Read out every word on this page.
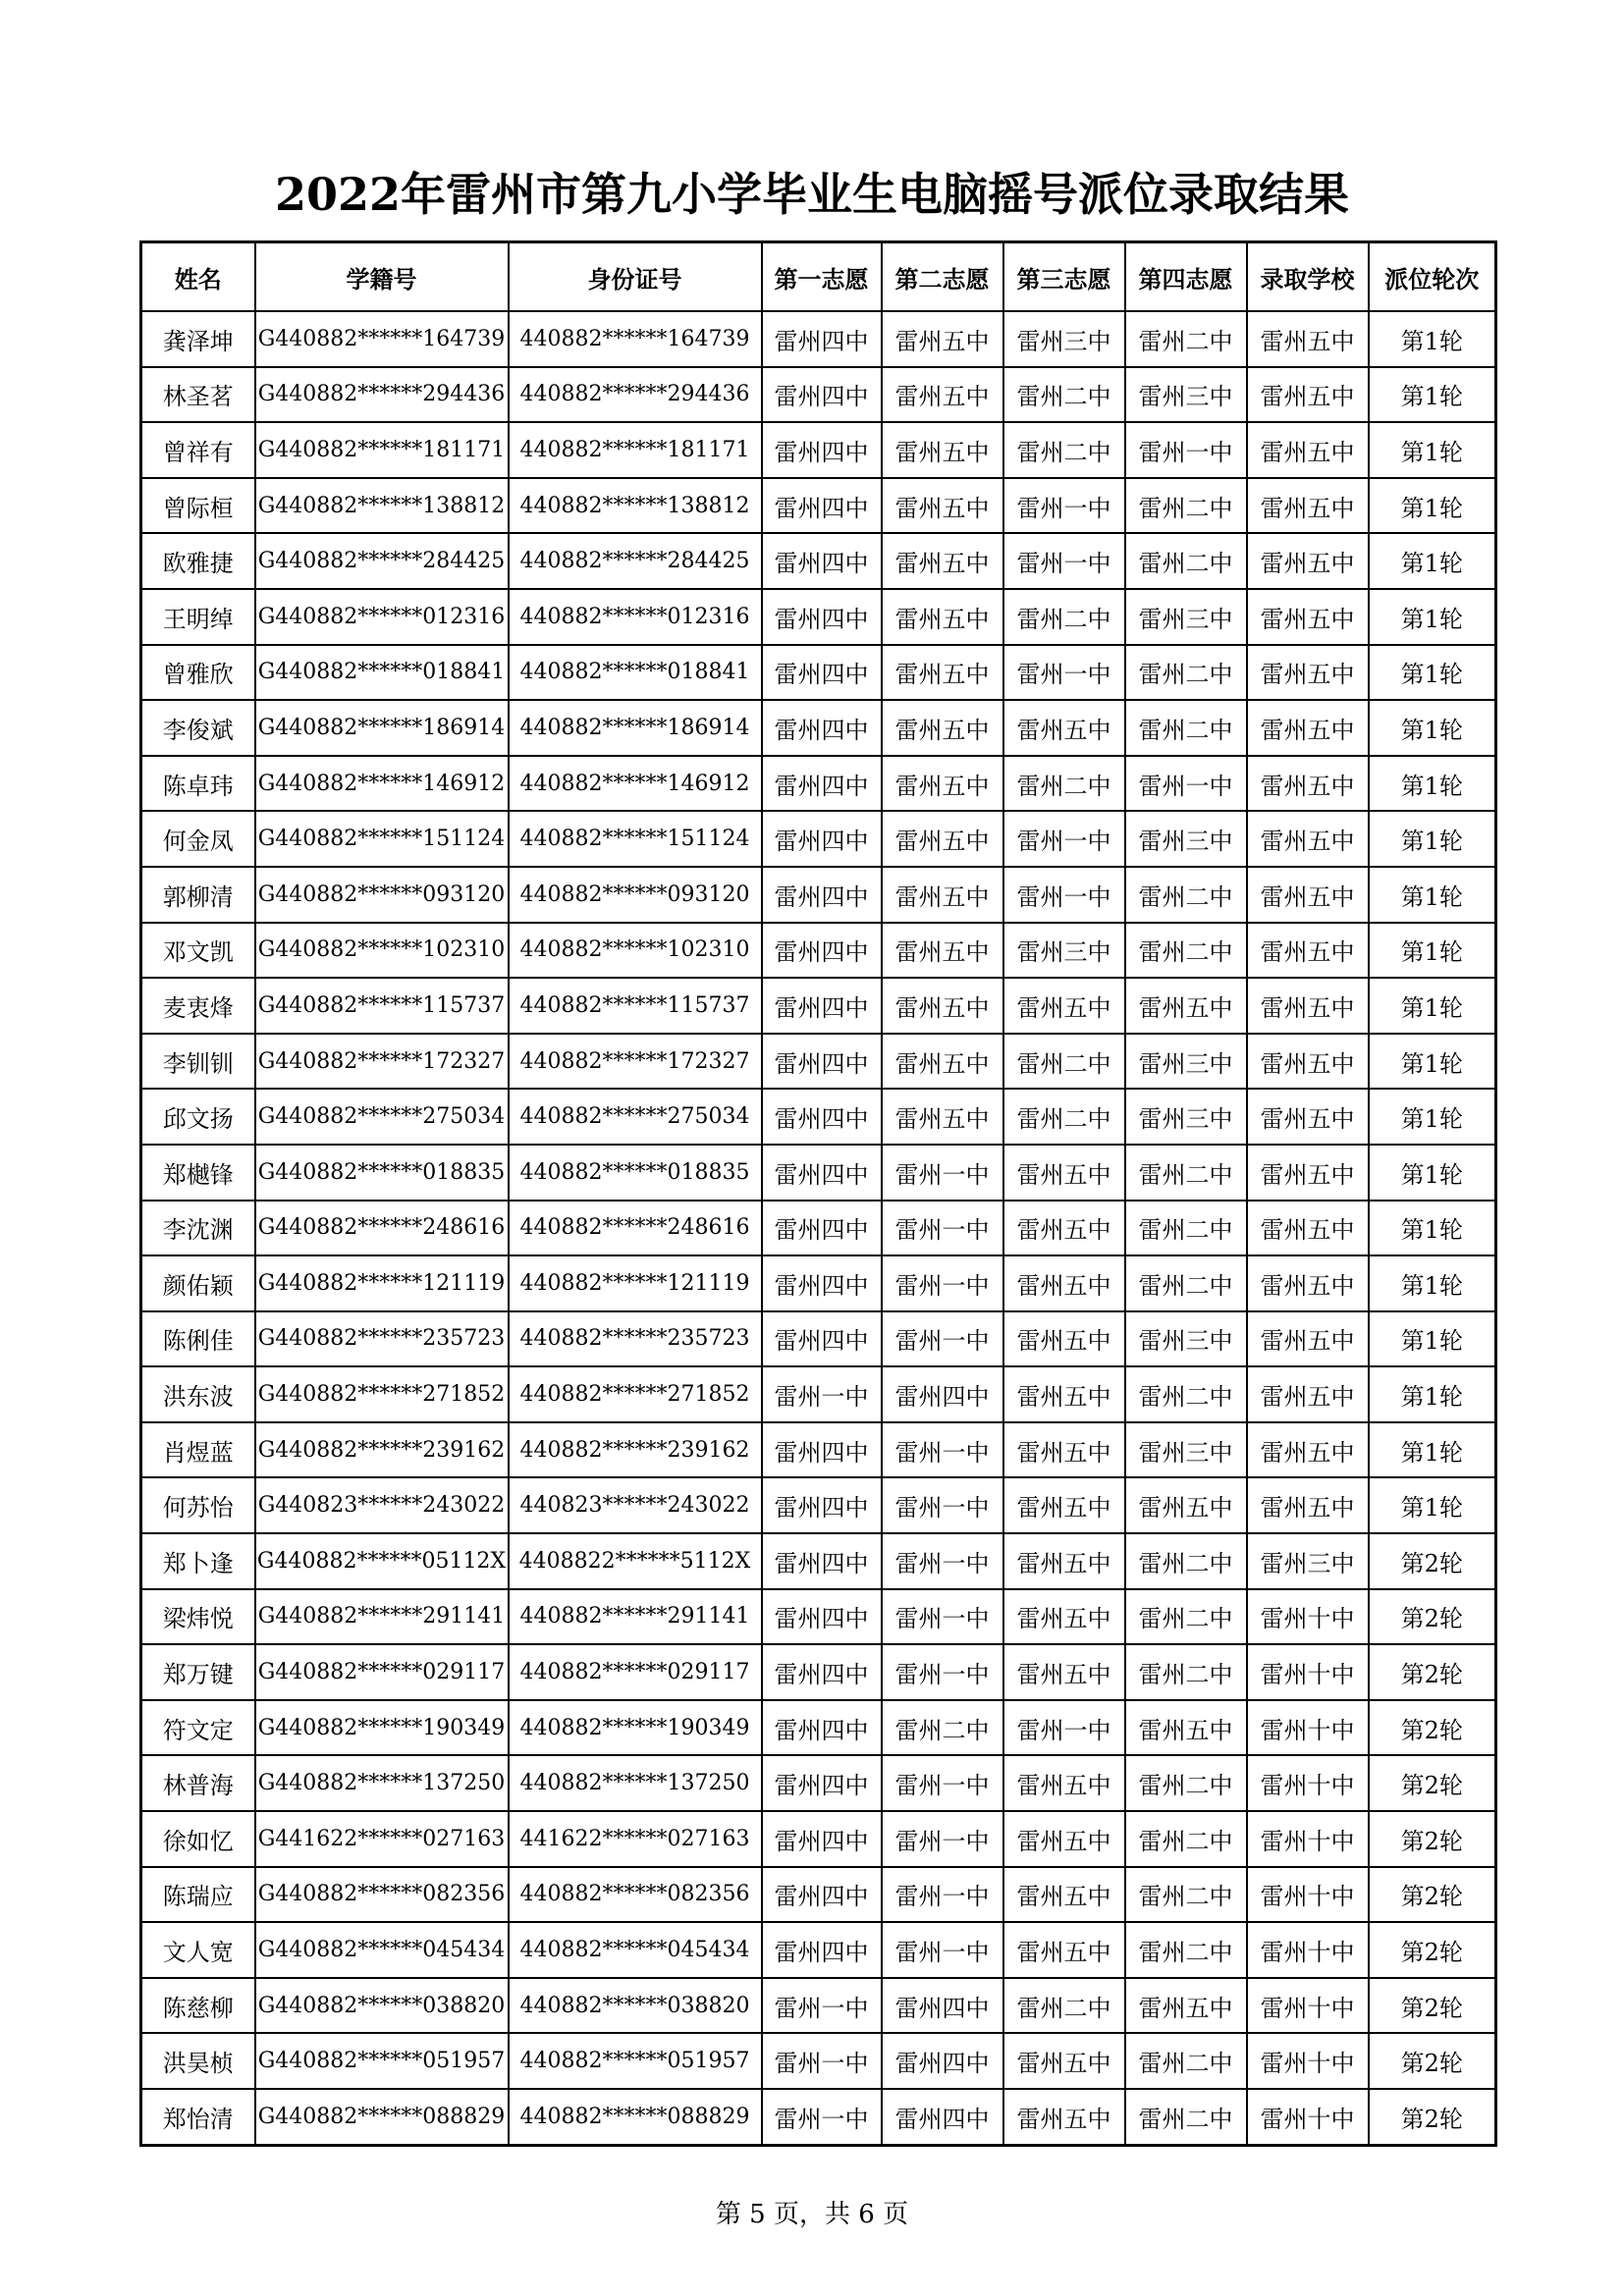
2022年雷州市第九小学毕业生电脑摇号派位录取结果
姓名	学籍号	身份证号	第一志愿	第二志愿	第三志愿	第四志愿	录取学校	派位轮次
龚泽坤	G440882******164739	440882******164739	雷州四中	雷州五中	雷州三中	雷州二中	雷州五中	第1轮
林圣茗	G440882******294436	440882******294436	雷州四中	雷州五中	雷州二中	雷州三中	雷州五中	第1轮
曾祥有	G440882******181171	440882******181171	雷州四中	雷州五中	雷州二中	雷州一中	雷州五中	第1轮
曾际桓	G440882******138812	440882******138812	雷州四中	雷州五中	雷州一中	雷州二中	雷州五中	第1轮
欧雅捷	G440882******284425	440882******284425	雷州四中	雷州五中	雷州一中	雷州二中	雷州五中	第1轮
王明绰	G440882******012316	440882******012316	雷州四中	雷州五中	雷州二中	雷州三中	雷州五中	第1轮
曾雅欣	G440882******018841	440882******018841	雷州四中	雷州五中	雷州一中	雷州二中	雷州五中	第1轮
李俊斌	G440882******186914	440882******186914	雷州四中	雷州五中	雷州五中	雷州二中	雷州五中	第1轮
陈卓玮	G440882******146912	440882******146912	雷州四中	雷州五中	雷州二中	雷州一中	雷州五中	第1轮
何金凤	G440882******151124	440882******151124	雷州四中	雷州五中	雷州一中	雷州三中	雷州五中	第1轮
郭柳清	G440882******093120	440882******093120	雷州四中	雷州五中	雷州一中	雷州二中	雷州五中	第1轮
邓文凯	G440882******102310	440882******102310	雷州四中	雷州五中	雷州三中	雷州二中	雷州五中	第1轮
麦衷烽	G440882******115737	440882******115737	雷州四中	雷州五中	雷州五中	雷州五中	雷州五中	第1轮
李钏钏	G440882******172327	440882******172327	雷州四中	雷州五中	雷州二中	雷州三中	雷州五中	第1轮
邱文扬	G440882******275034	440882******275034	雷州四中	雷州五中	雷州二中	雷州三中	雷州五中	第1轮
郑樾锋	G440882******018835	440882******018835	雷州四中	雷州一中	雷州五中	雷州二中	雷州五中	第1轮
李沈渊	G440882******248616	440882******248616	雷州四中	雷州一中	雷州五中	雷州二中	雷州五中	第1轮
颜佑颖	G440882******121119	440882******121119	雷州四中	雷州一中	雷州五中	雷州二中	雷州五中	第1轮
陈俐佳	G440882******235723	440882******235723	雷州四中	雷州一中	雷州五中	雷州三中	雷州五中	第1轮
洪东波	G440882******271852	440882******271852	雷州一中	雷州四中	雷州五中	雷州二中	雷州五中	第1轮
肖煜蓝	G440882******239162	440882******239162	雷州四中	雷州一中	雷州五中	雷州三中	雷州五中	第1轮
何苏怡	G440823******243022	440823******243022	雷州四中	雷州一中	雷州五中	雷州五中	雷州五中	第1轮
郑卜逢	G440882******05112X	4408822******5112X	雷州四中	雷州一中	雷州五中	雷州二中	雷州三中	第2轮
梁炜悦	G440882******291141	440882******291141	雷州四中	雷州一中	雷州五中	雷州二中	雷州十中	第2轮
郑万键	G440882******029117	440882******029117	雷州四中	雷州一中	雷州五中	雷州二中	雷州十中	第2轮
符文定	G440882******190349	440882******190349	雷州四中	雷州二中	雷州一中	雷州五中	雷州十中	第2轮
林普海	G440882******137250	440882******137250	雷州四中	雷州一中	雷州五中	雷州二中	雷州十中	第2轮
徐如忆	G441622******027163	441622******027163	雷州四中	雷州一中	雷州五中	雷州二中	雷州十中	第2轮
陈瑞应	G440882******082356	440882******082356	雷州四中	雷州一中	雷州五中	雷州二中	雷州十中	第2轮
文人宽	G440882******045434	440882******045434	雷州四中	雷州一中	雷州五中	雷州二中	雷州十中	第2轮
陈慈柳	G440882******038820	440882******038820	雷州一中	雷州四中	雷州二中	雷州五中	雷州十中	第2轮
洪昊桢	G440882******051957	440882******051957	雷州一中	雷州四中	雷州五中	雷州二中	雷州十中	第2轮
郑怡清	G440882******088829	440882******088829	雷州一中	雷州四中	雷州五中	雷州二中	雷州十中	第2轮
第 5 页，共 6 页
